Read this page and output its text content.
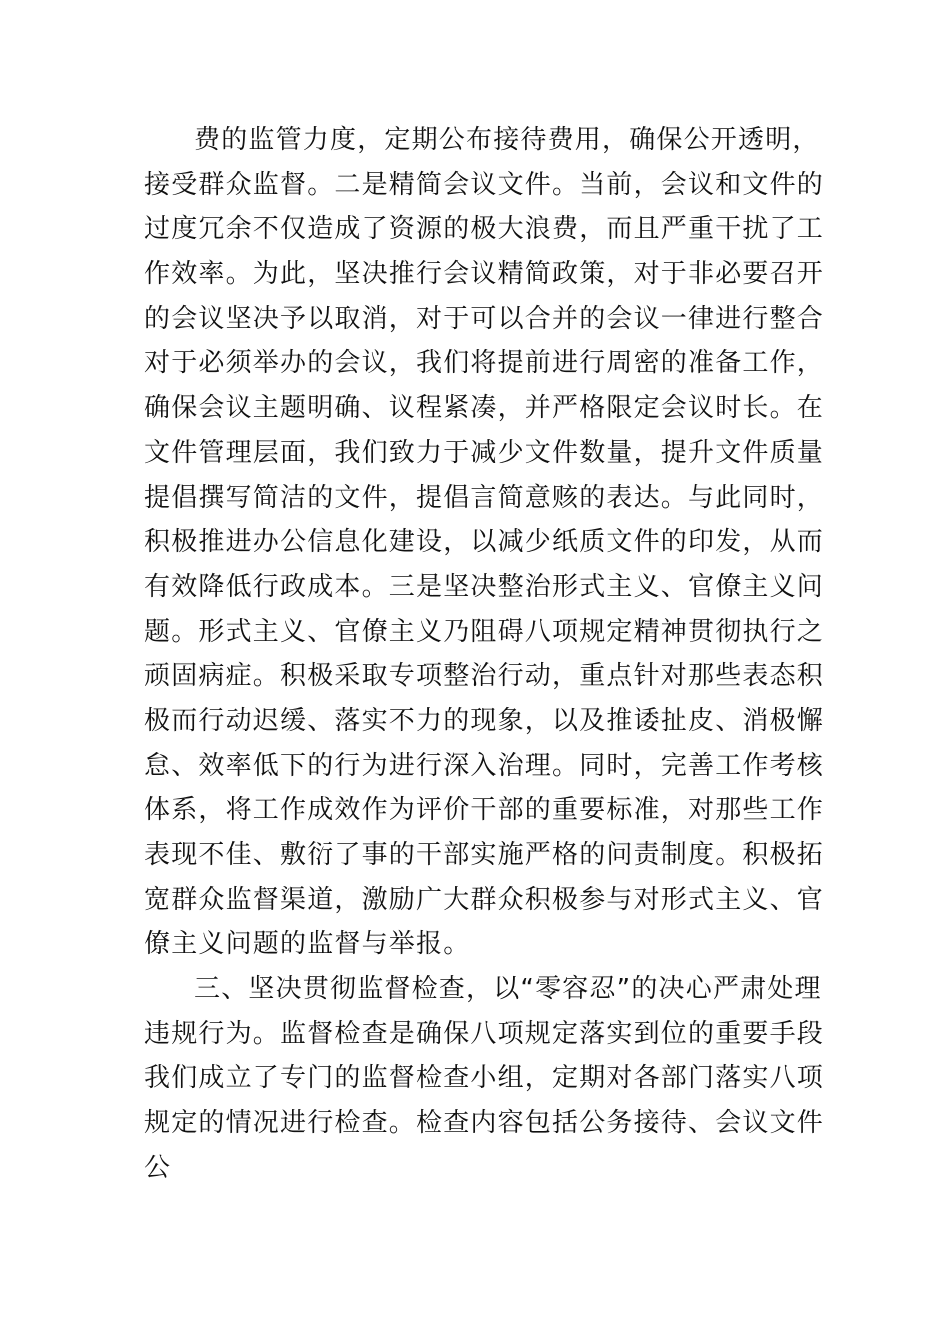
费的监管力度，定期公布接待费用，确保公开透明，
接受群众监督。二是精简会议文件。当前，会议和文件的
过度冗余不仅造成了资源的极大浪费，而且严重干扰了工
作效率。为此，坚决推行会议精简政策，对于非必要召开
的会议坚决予以取消，对于可以合并的会议一律进行整合
对于必须举办的会议，我们将提前进行周密的准备工作，
确保会议主题明确、议程紧凑，并严格限定会议时长。在
文件管理层面，我们致力于减少文件数量，提升文件质量
提倡撰写简洁的文件，提倡言简意赅的表达。与此同时，
积极推进办公信息化建设，以减少纸质文件的印发，从而
有效降低行政成本。三是坚决整治形式主义、官僚主义问
题。形式主义、官僚主义乃阻碍八项规定精神贯彻执行之
顽固病症。积极采取专项整治行动，重点针对那些表态积
极而行动迟缓、落实不力的现象，以及推诿扯皮、消极懈
怠、效率低下的行为进行深入治理。同时，完善工作考核
体系，将工作成效作为评价干部的重要标准，对那些工作
表现不佳、敷衍了事的干部实施严格的问责制度。积极拓
宽群众监督渠道，激励广大群众积极参与对形式主义、官
僚主义问题的监督与举报。
三、坚决贯彻监督检查，以“零容忍”的决心严肃处理
违规行为。监督检查是确保八项规定落实到位的重要手段
我们成立了专门的监督检查小组，定期对各部门落实八项
规定的情况进行检查。检查内容包括公务接待、会议文件
公
